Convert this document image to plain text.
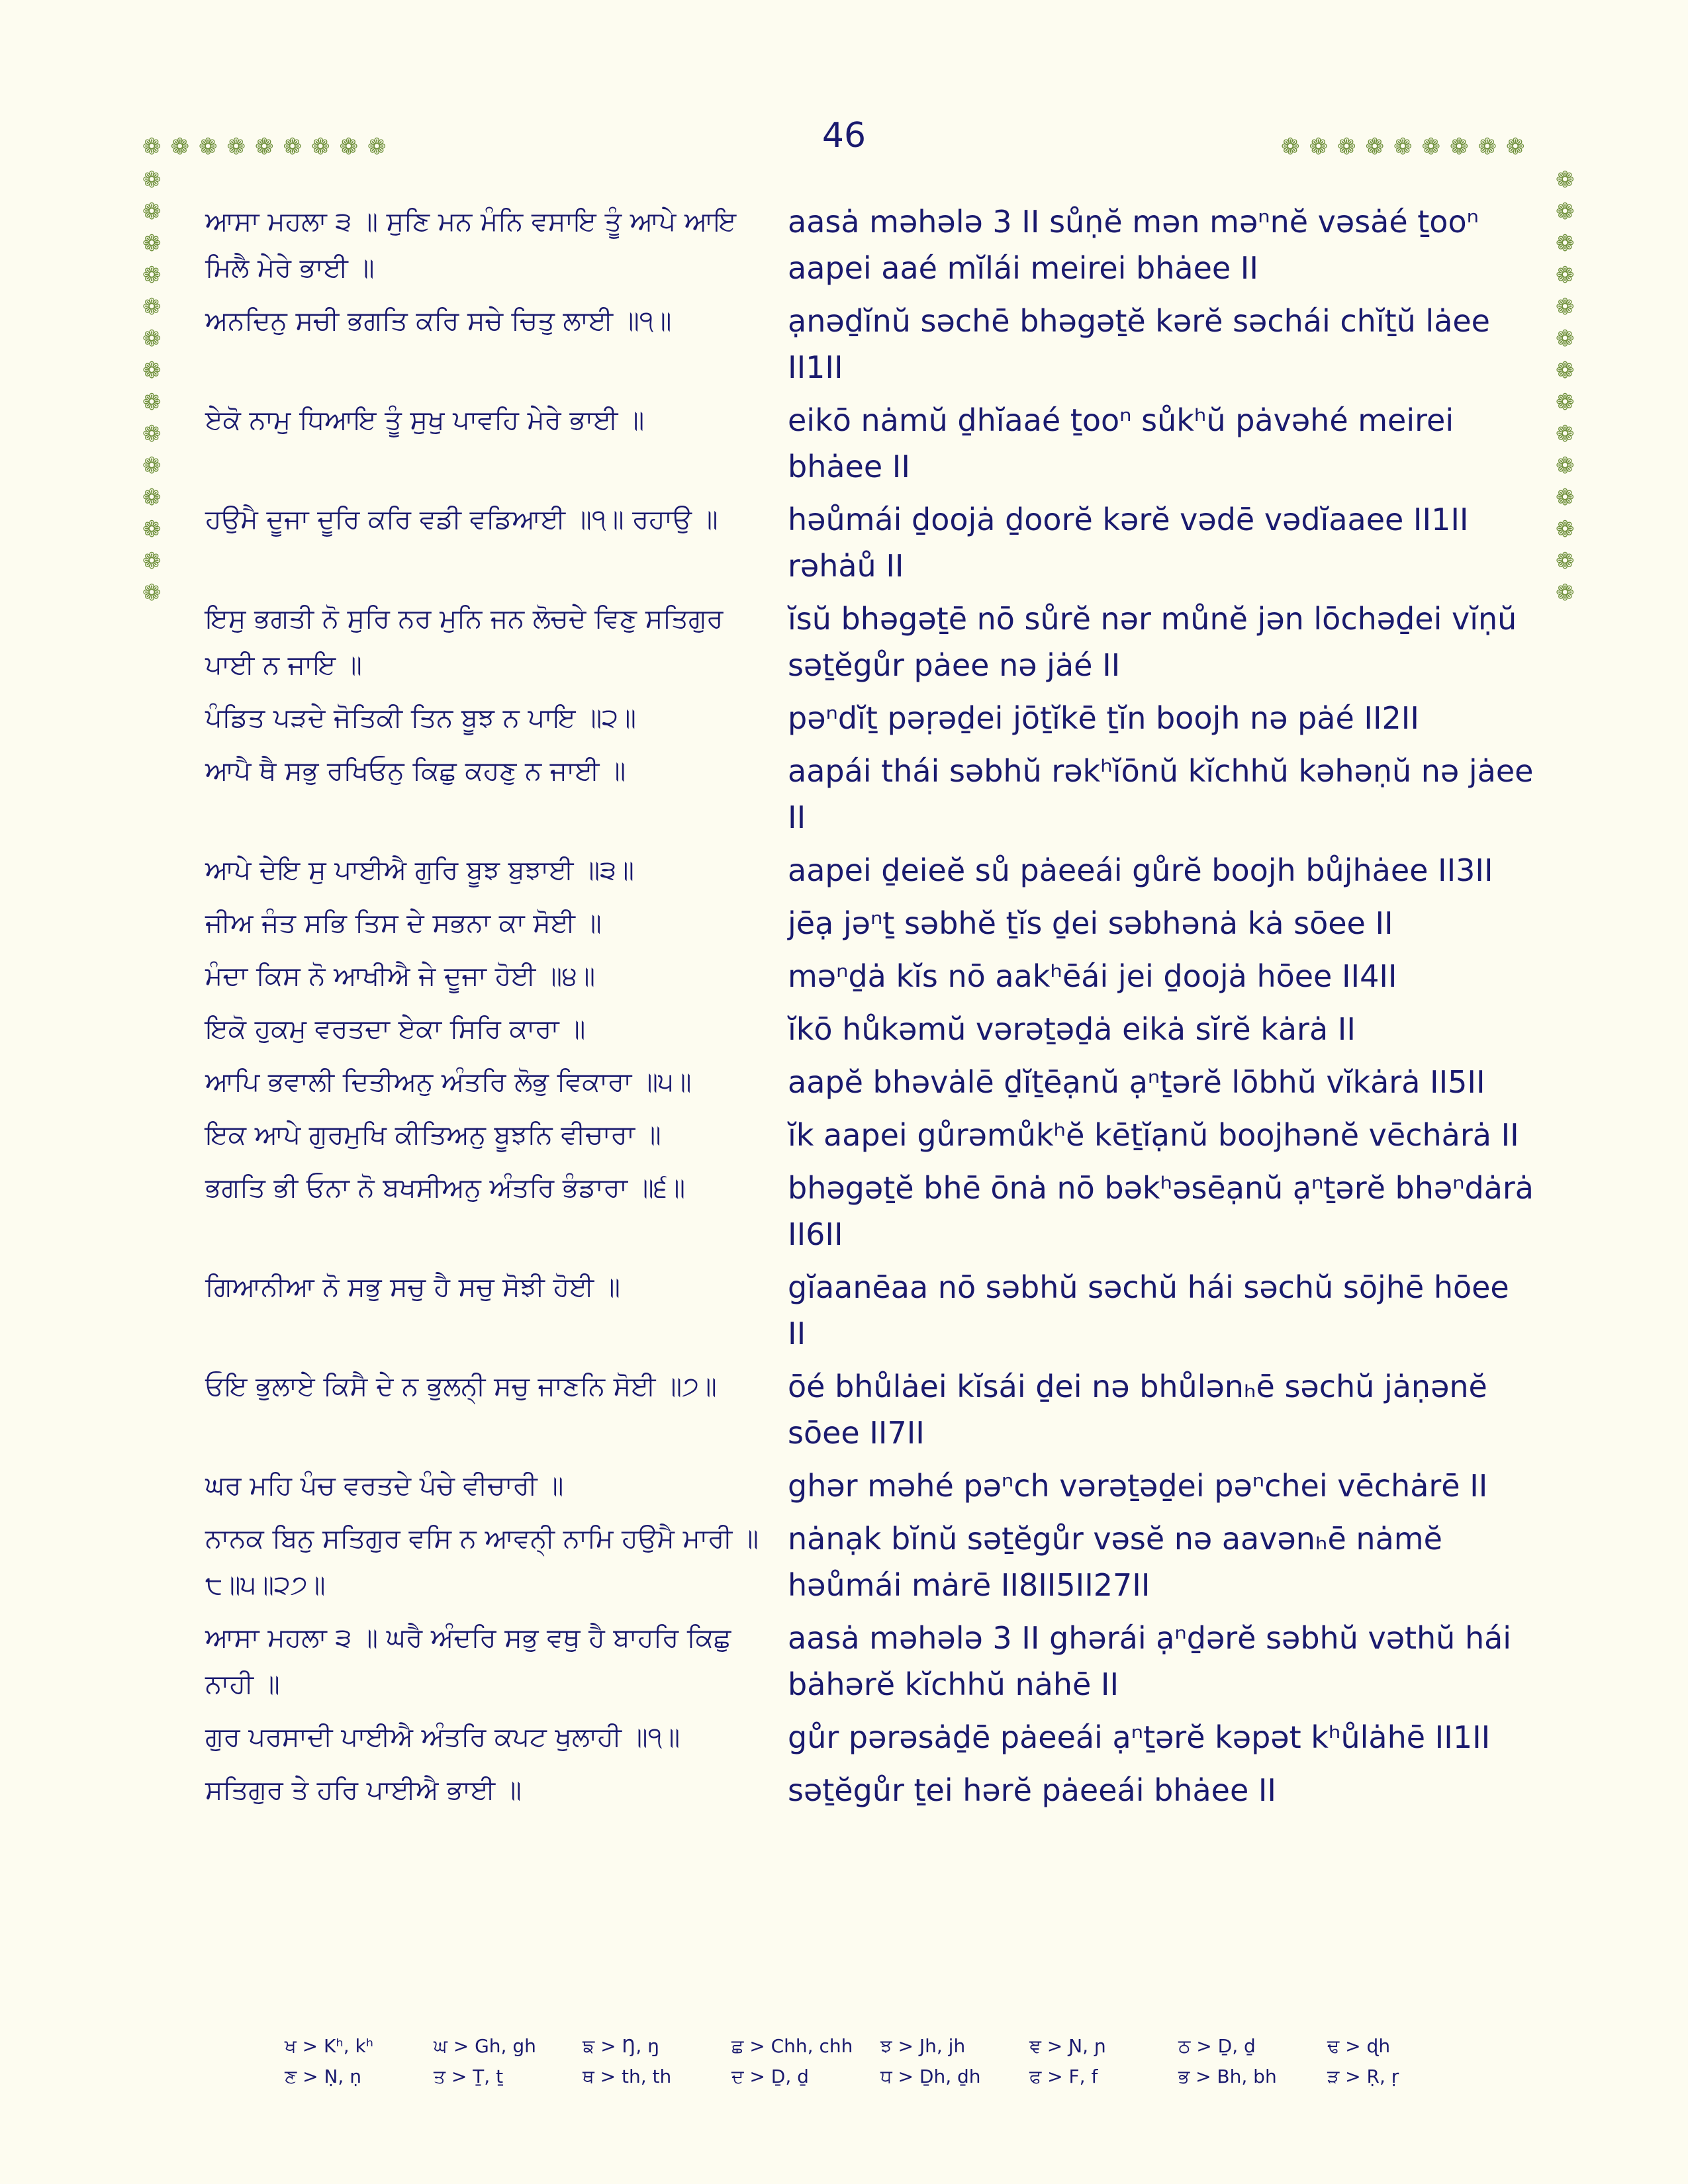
46
❁❁❁❁❁❁❁❁❁	❁❁❁❁❁❁❁❁❁
❁
❁
❁
❁
❁
❁
❁
❁
❁
❁
❁
❁
❁
❁
❁
❁
❁
❁
❁
❁
❁
❁
❁
❁
❁
❁
❁
❁
ਆਸਾ ਮਹਲਾ ੩ ॥ ਸੁਣਿ ਮਨ ਮੰਨਿ ਵਸਾਇ ਤੂੰ ਆਪੇ ਆਇ ਮਿਲੈ ਮੇਰੇ ਭਾਈ ॥
aasȧ məhələ 3 II sůṇĕ mən məⁿnĕ vəsȧé ṯooⁿ aapei aaé mĭlái meirei bhȧee II
ਅਨਦਿਨੁ ਸਚੀ ਭਗਤਿ ਕਰਿ ਸਚੇ ਚਿਤੁ ਲਾਈ ॥੧॥	ạnəḏĭnŭ səchē bhəgəṯĕ kərĕ səchái chĭṯŭ lȧee II1II
ਏਕੋ ਨਾਮੁ ਧਿਆਇ ਤੂੰ ਸੁਖੁ ਪਾਵਹਿ ਮੇਰੇ ਭਾਈ ॥	eikō nȧmŭ ḏhĭaaé ṯooⁿ sůkʰŭ pȧvəhé meirei bhȧee II
ਹਉਮੈ ਦੂਜਾ ਦੂਰਿ ਕਰਿ ਵਡੀ ਵਡਿਆਈ ॥੧॥ ਰਹਾਉ ॥	həůmái ḏoojȧ ḏoorĕ kərĕ vədē vədĭaaee II1II rəhȧů II
ਇਸੁ ਭਗਤੀ ਨੋ ਸੁਰਿ ਨਰ ਮੁਨਿ ਜਨ ਲੋਚਦੇ ਵਿਣੁ ਸਤਿਗੁਰ ਪਾਈ ਨ ਜਾਇ ॥
ĭsŭ bhəgəṯē nō sůrĕ nər můnĕ jən lōchəḏei vĭṇŭ səṯĕgůr pȧee nə jȧé II
ਪੰਡਿਤ ਪੜਦੇ ਜੋਤਿਕੀ ਤਿਨ ਬੂਝ ਨ ਪਾਇ ॥੨॥	pəⁿdĭṯ pəṛəḏei jōṯĭkē ṯĭn boojh nə pȧé II2II
ਆਪੈ ਥੈ ਸਭੁ ਰਖਿਓਨੁ ਕਿਛੁ ਕਹਣੁ ਨ ਜਾਈ ॥	aapái thái səbhŭ rəkʰĭōnŭ kĭchhŭ kəhəṇŭ nə jȧee II
ਆਪੇ ਦੇਇ ਸੁ ਪਾਈਐ ਗੁਰਿ ਬੂਝ ਬੁਝਾਈ ॥੩॥	aapei ḏeieĕ sů pȧeeái gůrĕ boojh bůjhȧee II3II
ਜੀਅ ਜੰਤ ਸਭਿ ਤਿਸ ਦੇ ਸਭਨਾ ਕਾ ਸੋਈ ॥	jēạ jəⁿṯ səbhĕ ṯĭs ḏei səbhənȧ kȧ sōee II
ਮੰਦਾ ਕਿਸ ਨੋ ਆਖੀਐ ਜੇ ਦੂਜਾ ਹੋਈ ॥੪॥	məⁿḏȧ kĭs nō aakʰēái jei ḏoojȧ hōee II4II
ਇਕੋ ਹੁਕਮੁ ਵਰਤਦਾ ਏਕਾ ਸਿਰਿ ਕਾਰਾ ॥	ĭkō hůkəmŭ vərəṯəḏȧ eikȧ sĭrĕ kȧrȧ II
ਆਪਿ ਭਵਾਲੀ ਦਿਤੀਅਨੁ ਅੰਤਰਿ ਲੋਭੁ ਵਿਕਾਰਾ ॥੫॥	aapĕ bhəvȧlē ḏĭṯēạnŭ ạⁿṯərĕ lōbhŭ vĭkȧrȧ II5II
ਇਕ ਆਪੇ ਗੁਰਮੁਖਿ ਕੀਤਿਅਨੁ ਬੂਝਨਿ ਵੀਚਾਰਾ ॥	ĭk aapei gůrəmůkʰĕ kēṯĭạnŭ boojhənĕ vēchȧrȧ II
ਭਗਤਿ ਭੀ ਓਨਾ ਨੋ ਬਖਸੀਅਨੁ ਅੰਤਰਿ ਭੰਡਾਰਾ ॥੬॥	bhəgəṯĕ bhē ōnȧ nō bəkʰəsēạnŭ ạⁿṯərĕ bhəⁿdȧrȧ II6II
ਗਿਆਨੀਆ ਨੋ ਸਭੁ ਸਚੁ ਹੈ ਸਚੁ ਸੋਝੀ ਹੋਈ ॥	gĭaanēaa nō səbhŭ səchŭ hái səchŭ sōjhē hōee II
ਓਇ ਭੁਲਾਏ ਕਿਸੈ ਦੇ ਨ ਭੁਲਨੀ੍ ਸਚੁ ਜਾਣਨਿ ਸੋਈ ॥੭॥	ōé bhůlȧei kĭsái ḏei nə bhůlənₕē səchŭ jȧṇənĕ sōee II7II
ਘਰ ਮਹਿ ਪੰਚ ਵਰਤਦੇ ਪੰਚੇ ਵੀਚਾਰੀ ॥	ghər məhé pəⁿch vərəṯəḏei pəⁿchei vēchȧrē II
ਨਾਨਕ ਬਿਨੁ ਸਤਿਗੁਰ ਵਸਿ ਨ ਆਵਨੀ੍ ਨਾਮਿ ਹਉਮੈ ਮਾਰੀ ॥੮॥੫॥੨੭॥
nȧnạk bĭnŭ səṯĕgůr vəsĕ nə aavənₕē nȧmĕ həůmái mȧrē II8II5II27II
ਆਸਾ ਮਹਲਾ ੩ ॥ ਘਰੈ ਅੰਦਰਿ ਸਭੁ ਵਥੁ ਹੈ ਬਾਹਰਿ ਕਿਛੁ ਨਾਹੀ ॥
aasȧ məhələ 3 II ghərái ạⁿḏərĕ səbhŭ vəthŭ hái bȧhərĕ kĭchhŭ nȧhē II
ਗੁਰ ਪਰਸਾਦੀ ਪਾਈਐ ਅੰਤਰਿ ਕਪਟ ਖੁਲਾਹੀ ॥੧॥	gůr pərəsȧḏē pȧeeái ạⁿṯərĕ kəpət kʰůlȧhē II1II
ਸਤਿਗੁਰ ਤੇ ਹਰਿ ਪਾਈਐ ਭਾਈ ॥	səṯĕgůr ṯei hərĕ pȧeeái bhȧee II
ਖ > Kʰ, kʰ	ਘ > Gh, gh	ਙ > Ŋ, ŋ	ਛ > Chh, chh	ਝ > Jh, jh	ਞ > Ɲ, ɲ	ਠ > Ḏ, ḏ	ਢ > ɖh
ਣ > Ṇ, ṇ	ਤ > Ṯ, ṯ	ਥ > th, th	ਦ > Ḏ, ḏ	ਧ > Ḏh, ḏh	ਫ > F, f	ਭ > Bh, bh	ੜ > Ṛ, ṛ
